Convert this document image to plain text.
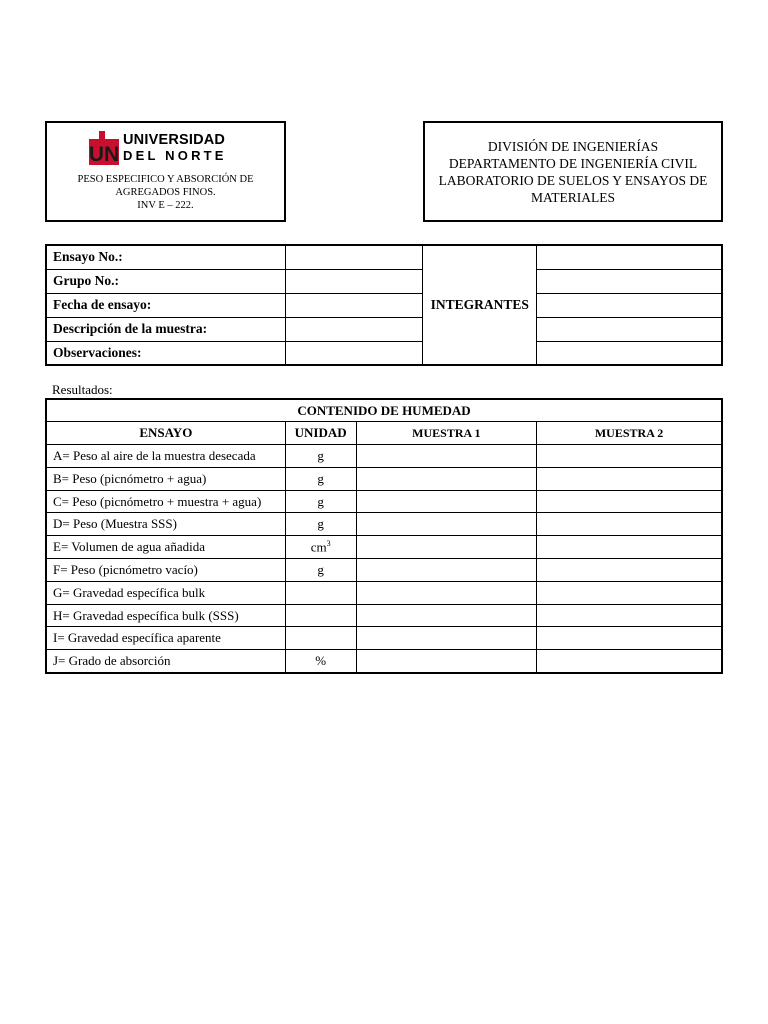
UN
UNIVERSIDAD
DEL NORTE
PESO ESPECIFICO Y ABSORCIÓN DE
AGREGADOS FINOS.
INV E – 222.
DIVISIÓN DE INGENIERÍAS
DEPARTAMENTO DE INGENIERÍA CIVIL
LABORATORIO DE SUELOS Y ENSAYOS DE
MATERIALES
Ensayo No.:		INTEGRANTES	
Grupo No.:			
Fecha de ensayo:			
Descripción de la muestra:			
Observaciones:			
Resultados:
CONTENIDO DE HUMEDAD			
ENSAYO	UNIDAD	MUESTRA 1	MUESTRA 2
A= Peso al aire de la muestra desecada	g		
B= Peso (picnómetro + agua)	g		
C= Peso (picnómetro + muestra + agua)	g		
D= Peso (Muestra SSS)	g		
E= Volumen de agua añadida	$cm^3$		
F= Peso (picnómetro vacío)	g		
G= Gravedad específica bulk			
H= Gravedad específica bulk (SSS)			
I= Gravedad específica aparente			
J= Grado de absorción	%		
